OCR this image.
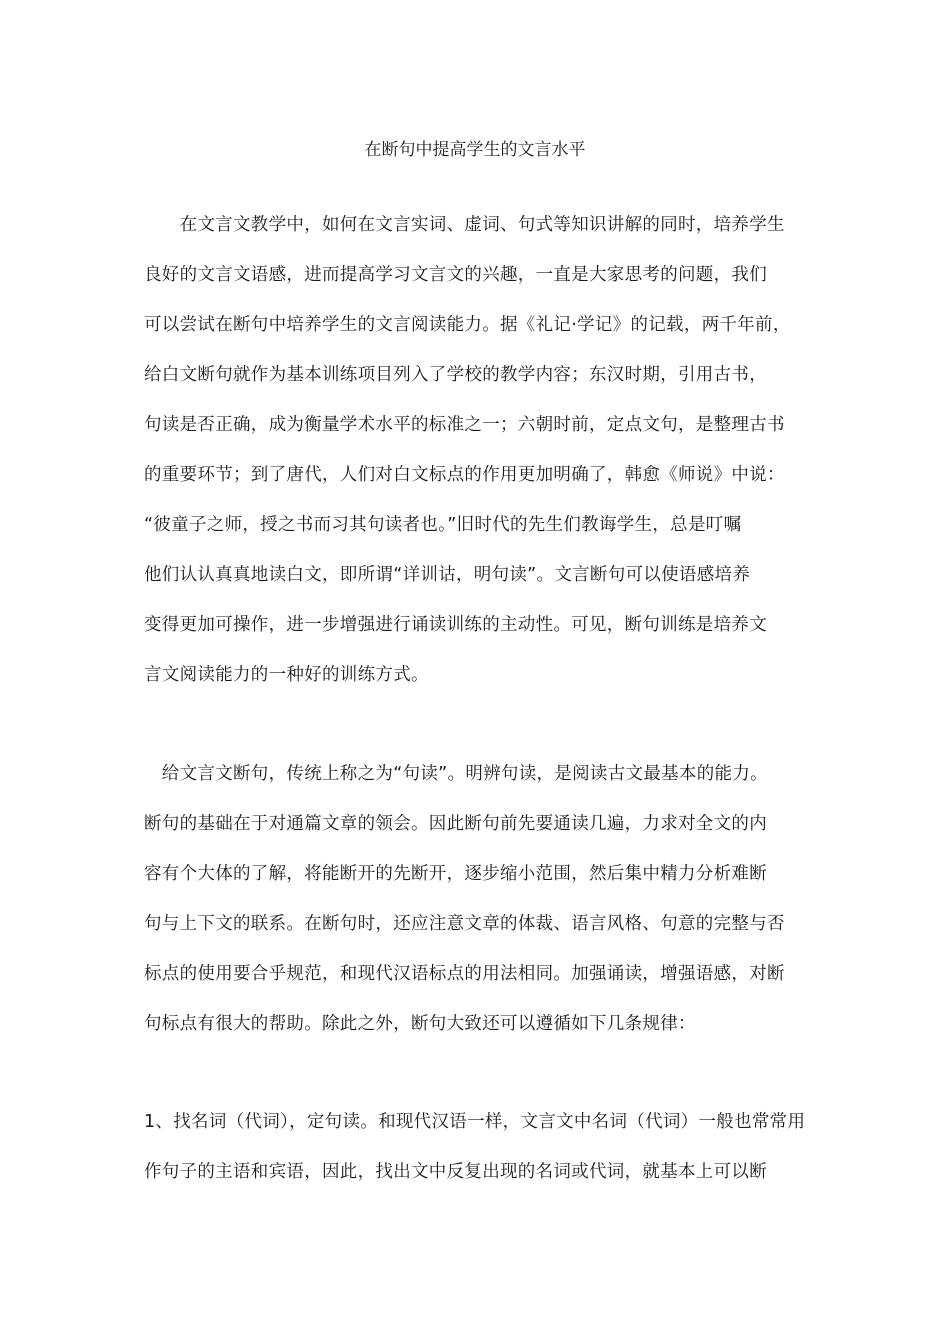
在断句中提高学生的文言水平
　　在文言文教学中，如何在文言实词、虚词、句式等知识讲解的同时，培养学生
良好的文言文语感，进而提高学习文言文的兴趣，一直是大家思考的问题，我们
可以尝试在断句中培养学生的文言阅读能力。据《礼记·学记》的记载，两千年前，
给白文断句就作为基本训练项目列入了学校的教学内容；东汉时期，引用古书，
句读是否正确，成为衡量学术水平的标准之一；六朝时前，定点文句，是整理古书
的重要环节；到了唐代，人们对白文标点的作用更加明确了，韩愈《师说》中说：
“彼童子之师，授之书而习其句读者也。”旧时代的先生们教诲学生，总是叮嘱
他们认认真真地读白文，即所谓“详训诂，明句读”。文言断句可以使语感培养
变得更加可操作，进一步增强进行诵读训练的主动性。可见，断句训练是培养文
言文阅读能力的一种好的训练方式。
　给文言文断句，传统上称之为“句读”。明辨句读，是阅读古文最基本的能力。
断句的基础在于对通篇文章的领会。因此断句前先要通读几遍，力求对全文的内
容有个大体的了解，将能断开的先断开，逐步缩小范围，然后集中精力分析难断
句与上下文的联系。在断句时，还应注意文章的体裁、语言风格、句意的完整与否
标点的使用要合乎规范，和现代汉语标点的用法相同。加强诵读，增强语感，对断
句标点有很大的帮助。除此之外，断句大致还可以遵循如下几条规律：
1、找名词（代词），定句读。和现代汉语一样，文言文中名词（代词）一般也常常用
作句子的主语和宾语，因此，找出文中反复出现的名词或代词，就基本上可以断
